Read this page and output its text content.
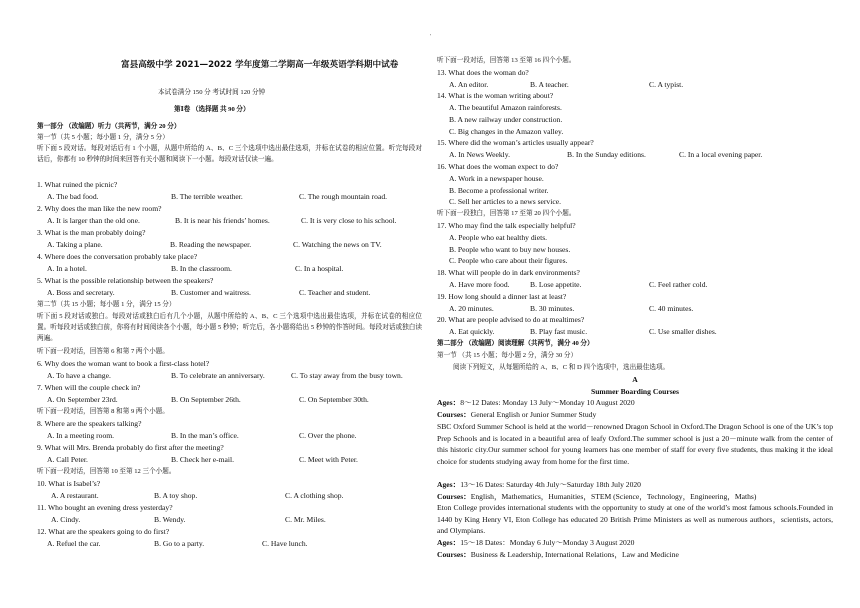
'
富县高级中学 2021—2022 学年度第二学期高一年级英语学科期中试卷
本试卷满分 150 分 考试时间 120 分钟
第Ⅰ卷 （选择题 共 90 分）
第一部分 （改编题）听力（共两节，满分 20 分）
第一节（共 5 小题；每小题 1 分，满分 5 分）
听下面 5 段对话。每段对话后有 1 个小题，从题中所给的 A、B、C 三个选项中选出最佳选项，并标在试卷的相应位置。听完每段对话后，你都有 10 秒钟的时间来回答有关小题和阅读下一小题。每段对话仅读一遍。
1. What ruined the picnic?
A. The bad food.	B. The terrible weather.	C. The rough mountain road.
2. Why does the man like the new room?
A. It is larger than the old one.	B. It is near his friends’ homes.	C. It is very close to his school.
3. What is the man probably doing?
A. Taking a plane.	B. Reading the newspaper.	C. Watching the news on TV.
4. Where does the conversation probably take place?
A. In a hotel.	B. In the classroom.	C. In a hospital.
5. What is the possible relationship between the speakers?
A. Boss and secretary.	B. Customer and waitress.	C. Teacher and student.
第二节（共 15 小题；每小题 1 分，满分 15 分）
听下面 5 段对话或独白。每段对话或独白后有几个小题，从题中所给的 A、B、C 三个选项中选出最佳选项，并标在试卷的相应位置。听每段对话或独白前，你将有时间阅读各个小题，每小题 5 秒钟；听完后，各小题将给出 5 秒钟的作答时间。每段对话或独白读两遍。
听下面一段对话，回答第 6 和第 7 两个小题。
6. Why does the woman want to book a first-class hotel?
A. To have a change.	B. To celebrate an anniversary.	C. To stay away from the busy town.
7. When will the couple check in?
A. On September 23rd.	B. On September 26th.	C. On September 30th.
听下面一段对话，回答第 8 和第 9 两个小题。
8. Where are the speakers talking?
A. In a meeting room.	B. In the man’s office.	C. Over the phone.
9. What will Mrs. Brenda probably do first after the meeting?
A. Call Peter.	B. Check her e-mail.	C. Meet with Peter.
听下面一段对话，回答第 10 至第 12 三个小题。
10. What is Isabel’s?
A. A restaurant.	B. A toy shop.	C. A clothing shop.
11. Who bought an evening dress yesterday?
A. Cindy.	B. Wendy.	C. Mr. Miles.
12. What are the speakers going to do first?
A. Refuel the car.	B. Go to a party.	C. Have lunch.
听下面一段对话，回答第 13 至第 16 四个小题。
13. What does the woman do?
A. An editor.	B. A teacher.	C. A typist.
14. What is the woman writing about?
A. The beautiful Amazon rainforests.
B. A new railway under construction.
C. Big changes in the Amazon valley.
15. Where did the woman’s articles usually appear?
A. In News Weekly.	B. In the Sunday editions.	C. In a local evening paper.
16. What does the woman expect to do?
A. Work in a newspaper house.
B. Become a professional writer.
C. Sell her articles to a news service.
听下面一段独白，回答第 17 至第 20 四个小题。
17. Who may find the talk especially helpful?
A. People who eat healthy diets.
B. People who want to buy new houses.
C. People who care about their figures.
18. What will people do in dark environments?
A. Have more food.	B. Lose appetite.	C. Feel rather cold.
19. How long should a dinner last at least?
A. 20 minutes.	B. 30 minutes.	C. 40 minutes.
20. What are people advised to do at mealtimes?
A. Eat quickly.	B. Play fast music.	C. Use smaller dishes.
第二部分 （改编题）阅读理解（共两节，满分 40 分）
第一节 （共 15 小题；每小题 2 分，满分 30 分）
阅读下列短文，从每题所给的 A、B、C 和 D 四个选项中，选出最佳选项。
A
Summer Boarding Courses
Ages：8～12 Dates: Monday 13 July～Monday 10 August 2020
Courses：General English or Junior Summer Study
SBC Oxford Summer School is held at the world－renowned Dragon School in Oxford.The Dragon School is one of the UK’s top Prep Schools and is located in a beautiful area of leafy Oxford.The summer school is just a 20－minute walk from the center of this historic city.Our summer school for young learners has one member of staff for every five students, thus making it the ideal choice for students studying away from home for the first time.
Ages：13～16 Dates: Saturday 4th July～Saturday 18th July 2020
Courses：English，Mathematics，Humanities，STEM (Science，Technology，Engineering，Maths)
Eton College provides international students with the opportunity to study at one of the world’s most famous schools.Founded in 1440 by King Henry VI, Eton College has educated 20 British Prime Ministers as well as numerous authors，scientists, actors, and Olympians.
Ages：15～18 Dates：Monday 6 July～Monday 3 August 2020
Courses：Business & Leadership, International Relations，Law and Medicine
